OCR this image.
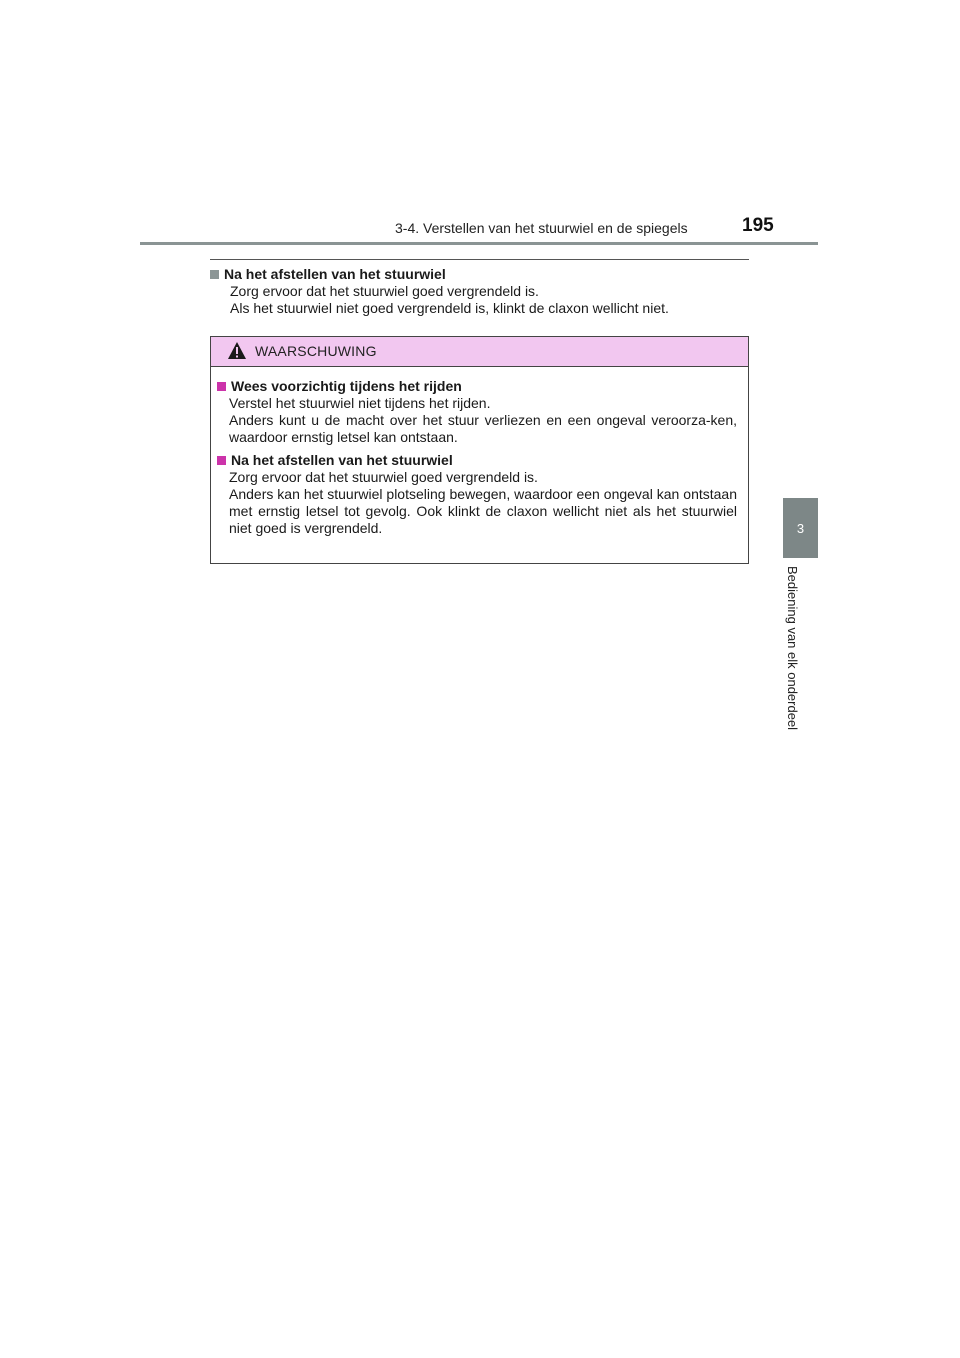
3-4. Verstellen van het stuurwiel en de spiegels	195
3
Bediening van elk onderdeel
Na het afstellen van het stuurwiel

Zorg ervoor dat het stuurwiel goed vergrendeld is.

Als het stuurwiel niet goed vergrendeld is, klinkt de claxon wellicht niet.

WAARSCHUWING
Wees voorzichtig tijdens het rijden

Verstel het stuurwiel niet tijdens het rijden.

Anders kunt u de macht over het stuur verliezen en een ongeval veroorza-ken, waardoor ernstig letsel kan ontstaan.

Na het afstellen van het stuurwiel

Zorg ervoor dat het stuurwiel goed vergrendeld is.

Anders kan het stuurwiel plotseling bewegen, waardoor een ongeval kan ontstaan met ernstig letsel tot gevolg. Ook klinkt de claxon wellicht niet als het stuurwiel niet goed is vergrendeld.
